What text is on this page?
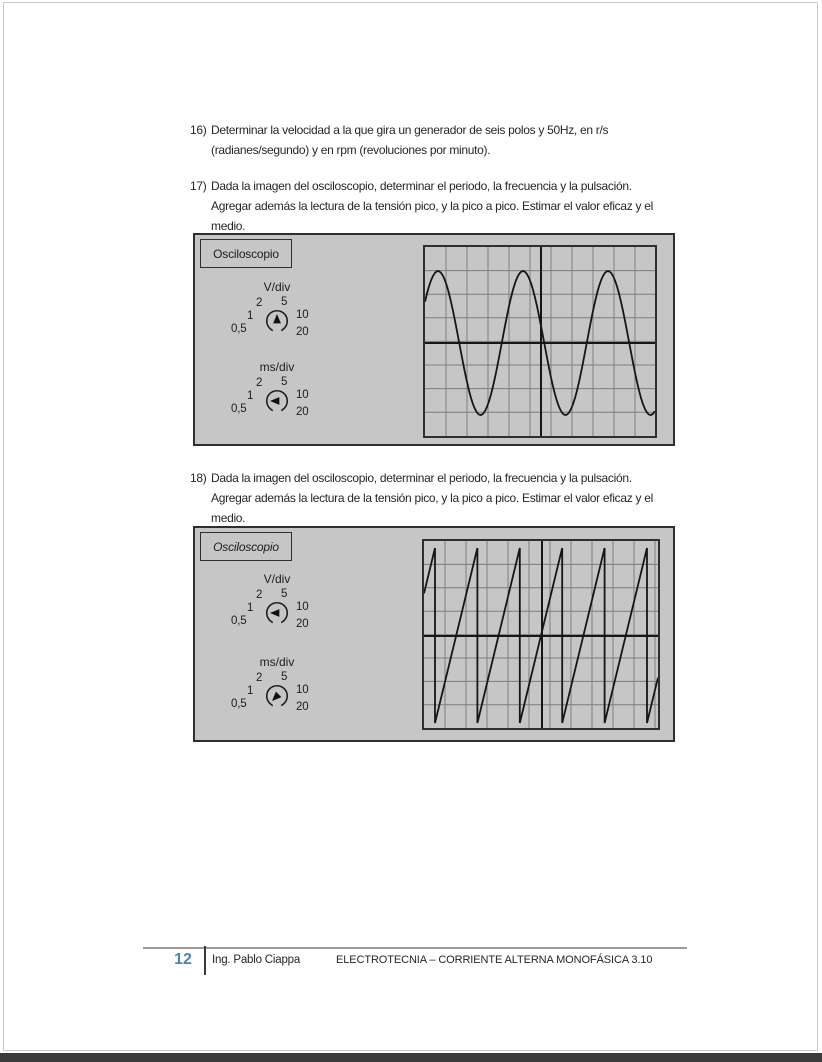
16) Determinar la velocidad a la que gira un generador de seis polos y 50Hz, en r/s
(radianes/segundo) y en rpm (revoluciones por minuto).
17) Dada la imagen del osciloscopio, determinar el periodo, la frecuencia y la pulsación.
Agregar además la lectura de la tensión pico, y la pico a pico. Estimar el valor eficaz y el
medio.
Osciloscopio
V/div
2 5
1	10
0,5	20
ms/div
2 5
1	10
0,5	20
18) Dada la imagen del osciloscopio, determinar el periodo, la frecuencia y la pulsación.
Agregar además la lectura de la tensión pico, y la pico a pico. Estimar el valor eficaz y el
medio.
Osciloscopio
V/div
2 5
1	10
0,5	20
ms/div
2 5
1	10
0,5	20
12	Ing. Pablo Ciappa	ELECTROTECNIA – CORRIENTE ALTERNA MONOFÁSICA 3.10
